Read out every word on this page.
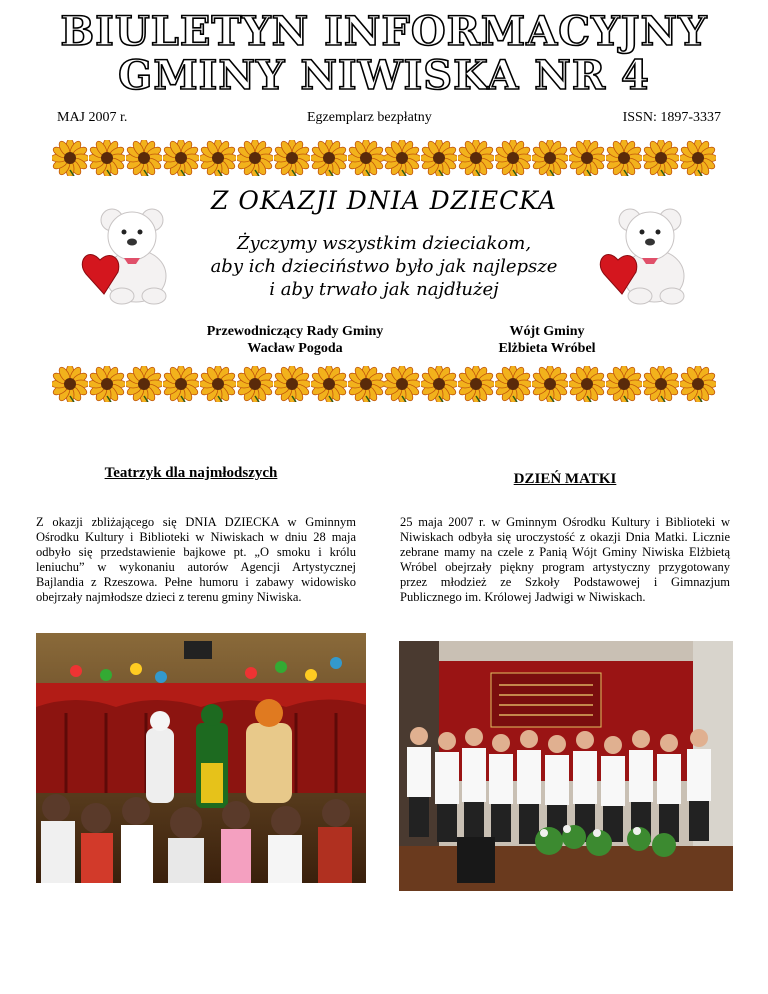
BIULETYN INFORMACYJNY
GMINY NIWISKA NR 4
MAJ 2007 r.	Egzemplarz bezpłatny	ISSN: 1897-3337
Z OKAZJI DNIA DZIECKA
Życzymy wszystkim dzieciakom,
aby ich dzieciństwo było jak najlepsze
i aby trwało jak najdłużej
Przewodniczący Rady Gminy
Wacław Pogoda
Wójt Gminy
Elżbieta Wróbel
Teatrzyk dla najmłodszych	DZIEŃ MATKI
Z okazji zbliżającego się DNIA DZIECKA w Gminnym Ośrodku Kultury i Biblioteki w Niwiskach w dniu 28 maja odbyło się przedstawienie bajkowe pt. „O smoku i królu leniuchu” w wykonaniu autorów Agencji Artystycznej Bajlandia z Rzeszowa. Pełne humoru i zabawy widowisko obejrzały najmłodsze dzieci z terenu gminy Niwiska.
25 maja 2007 r. w Gminnym Ośrodku Kultury i Biblioteki w Niwiskach odbyła się uroczystość z okazji Dnia Matki. Licznie zebrane mamy na czele z Panią Wójt Gminy Niwiska Elżbietą Wróbel obejrzały piękny program artystyczny przygotowany przez młodzież ze Szkoły Podstawowej i Gimnazjum Publicznego im. Królowej Jadwigi w Niwiskach.
